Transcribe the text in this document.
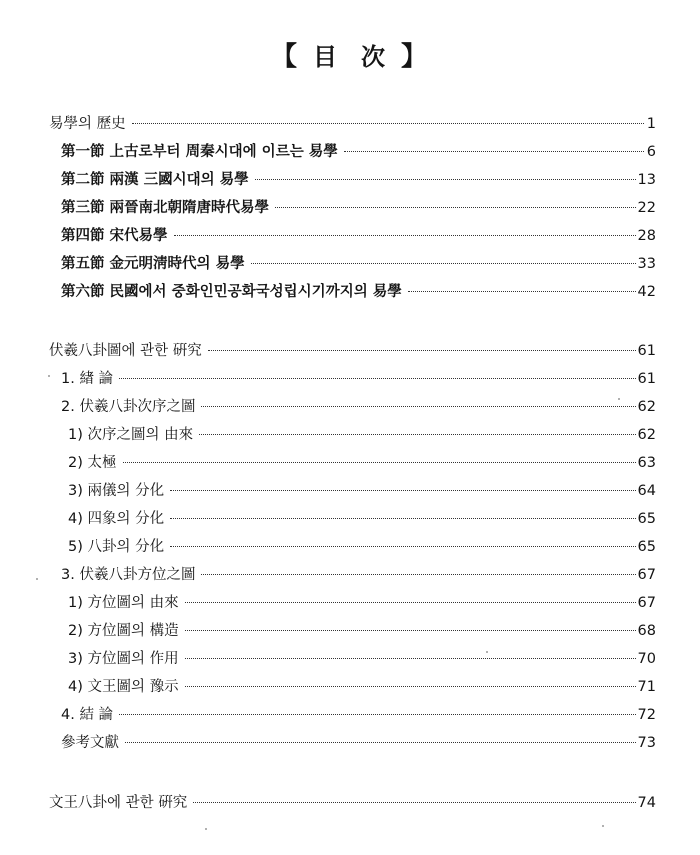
【 目 次 】
易學의 歷史	1
第一節 上古로부터 周秦시대에 이르는 易學	6
第二節 兩漢 三國시대의 易學	13
第三節 兩晉南北朝隋唐時代易學	22
第四節 宋代易學	28
第五節 金元明淸時代의 易學	33
第六節 民國에서 중화인민공화국성립시기까지의 易學	42
伏羲八卦圖에 관한 硏究	61
1. 緖 論	61
2. 伏羲八卦次序之圖	62
1) 次序之圖의 由來	62
2) 太極	63
3) 兩儀의 分化	64
4) 四象의 分化	65
5) 八卦의 分化	65
3. 伏羲八卦方位之圖	67
1) 方位圖의 由來	67
2) 方位圖의 構造	68
3) 方位圖의 作用	70
4) 文王圖의 豫示	71
4. 結 論	72
參考文獻	73
文王八卦에 관한 硏究	74
